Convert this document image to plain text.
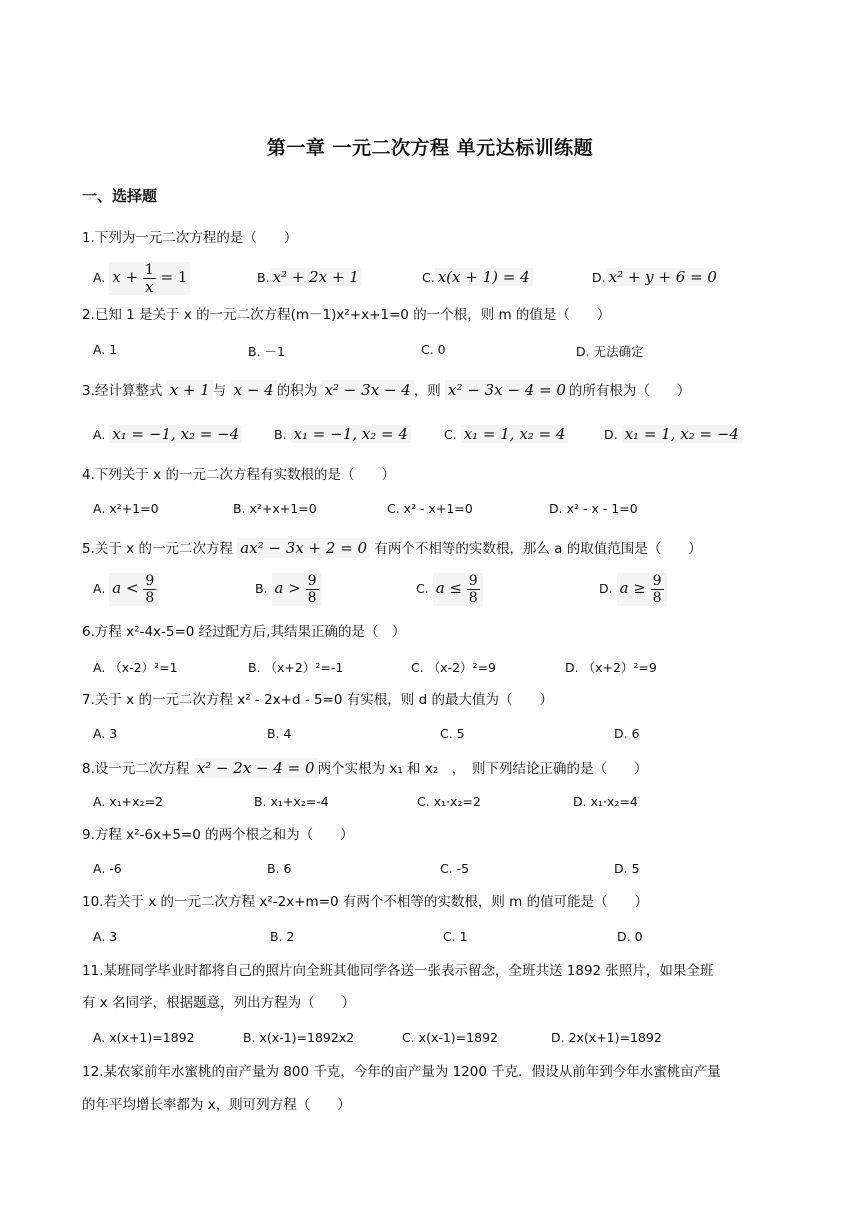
第一章 一元二次方程 单元达标训练题
一、选择题
1.下列为一元二次方程的是（　　）
A. $x + \frac{1}{x} = 1$	B. x² + 2x + 1	C. x(x + 1) = 4	D. x² + y + 6 = 0
2.已知 1 是关于 x 的一元二次方程(m－1)x²+x+1=0 的一个根，则 m 的值是（　　）
A. 1	B. －1	C. 0	D. 无法确定
3.经计算整式 x + 1 与 x − 4 的积为 x² − 3x − 4 ，则 x² − 3x − 4 = 0 的所有根为（　　）
A. x₁ = −1, x₂ = −4	B. x₁ = −1, x₂ = 4	C. x₁ = 1, x₂ = 4	D. x₁ = 1, x₂ = −4
4.下列关于 x 的一元二次方程有实数根的是（　　）
A. x²+1=0	B. x²+x+1=0	C. x² - x+1=0	D. x² - x - 1=0
5.关于 x 的一元二次方程 ax² − 3x + 2 = 0 有两个不相等的实数根，那么 a 的取值范围是（　　）
A. $a < \frac{9}{8}$	B. $a > \frac{9}{8}$	C. $a \le \frac{9}{8}$	D. $a \ge \frac{9}{8}$
6.方程 x²-4x-5=0 经过配方后,其结果正确的是（　）
A. （x-2）²=1	B. （x+2）²=-1	C. （x-2）²=9	D. （x+2）²=9
7.关于 x 的一元二次方程 x² - 2x+d - 5=0 有实根，则 d 的最大值为（　　）
A. 3	B. 4	C. 5	D. 6
8.设一元二次方程 x² − 2x − 4 = 0 两个实根为 x₁ 和 x₂　，　则下列结论正确的是（　　）
A. x₁+x₂=2	B. x₁+x₂=-4	C. x₁·x₂=2	D. x₁·x₂=4
9.方程 x²-6x+5=0 的两个根之和为（　　）
A. -6	B. 6	C. -5	D. 5
10.若关于 x 的一元二次方程 x²-2x+m=0 有两个不相等的实数根，则 m 的值可能是（　　）
A. 3	B. 2	C. 1	D. 0
11.某班同学毕业时都将自己的照片向全班其他同学各送一张表示留念，全班共送 1892 张照片，如果全班
有 x 名同学，根据题意，列出方程为（　　）
A. x(x+1)=1892	B. x(x-1)=1892x2	C. x(x-1)=1892	D. 2x(x+1)=1892
12.某农家前年水蜜桃的亩产量为 800 千克，今年的亩产量为 1200 千克．假设从前年到今年水蜜桃亩产量
的年平均增长率都为 x，则可列方程（　　）
